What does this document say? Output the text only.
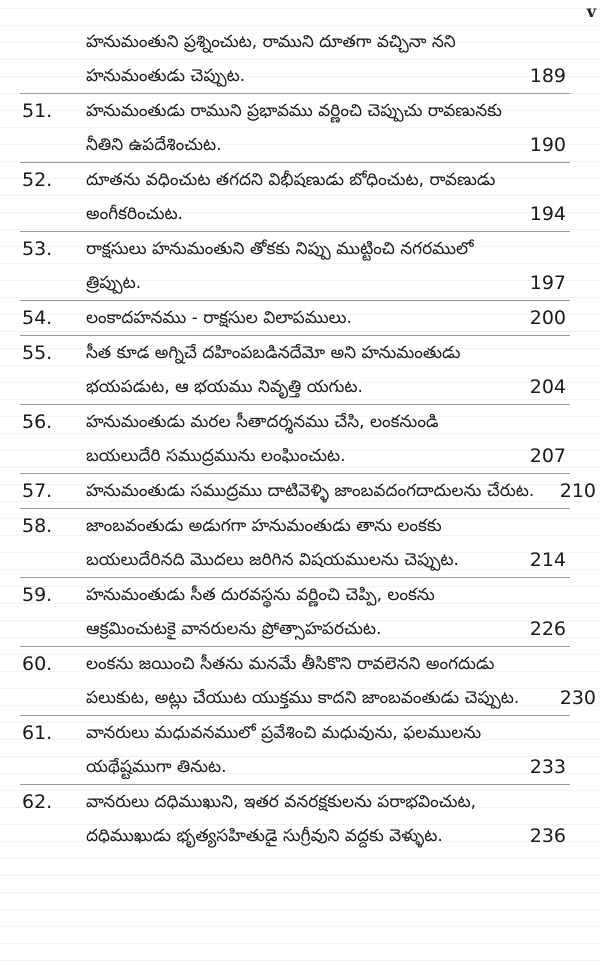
v
హనుమంతుని ప్రశ్నించుట, రాముని దూతగా వచ్చినా నని
హనుమంతుడు చెప్పుట.	189
51.	హనుమంతుడు రాముని ప్రభావము వర్ణించి చెప్పుచు రావణునకు
నీతిని ఉపదేశించుట.	190
52.	దూతను వధించుట తగదని విభీషణుడు బోధించుట, రావణుడు
అంగీకరించుట.	194
53.	రాక్షసులు హనుమంతుని తోకకు నిప్పు ముట్టించి నగరములో
త్రిప్పుట.	197
54.	లంకాదహనము - రాక్షసుల విలాపములు.	200
55.	సీత కూడ అగ్నిచే దహింపబడినదేమో అని హనుమంతుడు
భయపడుట, ఆ భయము నివృత్తి యగుట.	204
56.	హనుమంతుడు మరల సీతాదర్శనము చేసి, లంకనుండి
బయలుదేరి సముద్రమును లంఘించుట.	207
57.	హనుమంతుడు సముద్రము దాటివెళ్ళి జాంబవదంగదాదులను చేరుట. 210
58.	జాంబవంతుడు అడుగగా హనుమంతుడు తాను లంకకు
బయలుదేరినది మొదలు జరిగిన విషయములను చెప్పుట.	214
59.	హనుమంతుడు సీత దురవస్థను వర్ణించి చెప్పి, లంకను
ఆక్రమించుటకై వానరులను ప్రోత్సాహపరచుట.	226
60.	లంకను జయించి సీతను మనమే తీసికొని రావలెనని అంగదుడు
పలుకుట, అట్లు చేయుట యుక్తము కాదని జాంబవంతుడు చెప్పుట. 230
61.	వానరులు మధువనములో ప్రవేశించి మధువును, ఫలములను
యథేష్టముగా తినుట.	233
62.	వానరులు దధిముఖుని, ఇతర వనరక్షకులను పరాభవించుట,
దధిముఖుడు భృత్యసహితుడై సుగ్రీవుని వద్దకు వెళ్ళుట.	236
